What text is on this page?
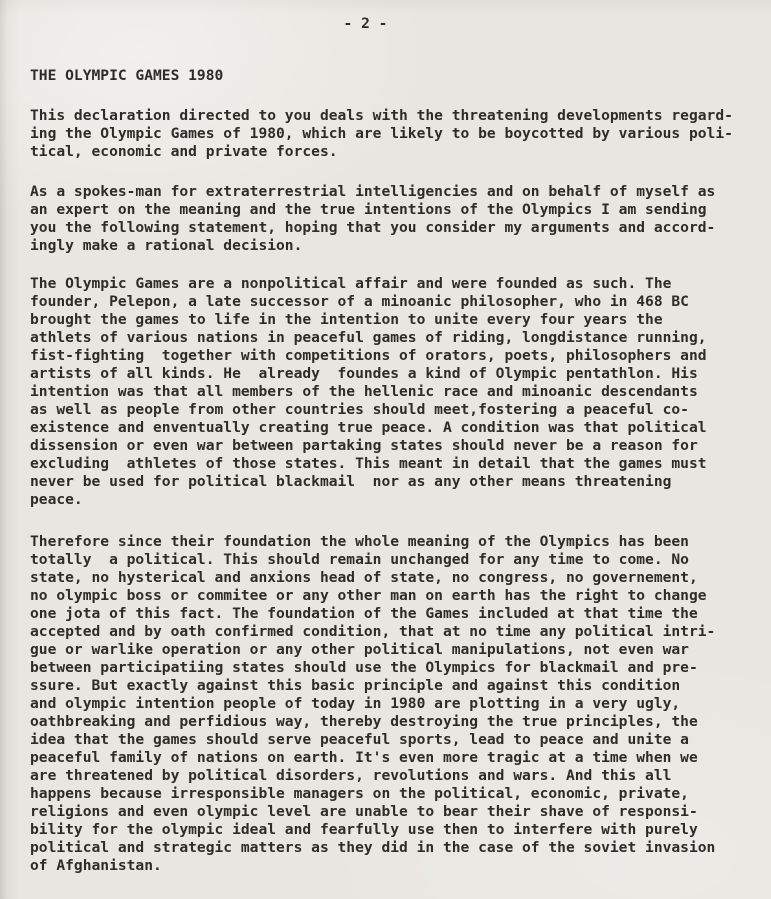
- 2 -
THE OLYMPIC GAMES 1980
This declaration directed to you deals with the threatening developments regard-
ing the Olympic Games of 1980, which are likely to be boycotted by various poli-
tical, economic and private forces.
As a spokes-man for extraterrestrial intelligencies and on behalf of myself as
an expert on the meaning and the true intentions of the Olympics I am sending
you the following statement, hoping that you consider my arguments and accord-
ingly make a rational decision.
The Olympic Games are a nonpolitical affair and were founded as such. The
founder, Pelepon, a late successor of a minoanic philosopher, who in 468 BC
brought the games to life in the intention to unite every four years the
athlets of various nations in peaceful games of riding, longdistance running,
fist-fighting  together with competitions of orators, poets, philosophers and
artists of all kinds. He  already  foundes a kind of Olympic pentathlon. His
intention was that all members of the hellenic race and minoanic descendants
as well as people from other countries should meet,fostering a peaceful co-
existence and enventually creating true peace. A condition was that political
dissension or even war between partaking states should never be a reason for
excluding  athletes of those states. This meant in detail that the games must
never be used for political blackmail  nor as any other means threatening
peace.
Therefore since their foundation the whole meaning of the Olympics has been
totally  a political. This should remain unchanged for any time to come. No
state, no hysterical and anxions head of state, no congress, no governement,
no olympic boss or commitee or any other man on earth has the right to change
one jota of this fact. The foundation of the Games included at that time the
accepted and by oath confirmed condition, that at no time any political intri-
gue or warlike operation or any other political manipulations, not even war
between participatiing states should use the Olympics for blackmail and pre-
ssure. But exactly against this basic principle and against this condition
and olympic intention people of today in 1980 are plotting in a very ugly,
oathbreaking and perfidious way, thereby destroying the true principles, the
idea that the games should serve peaceful sports, lead to peace and unite a
peaceful family of nations on earth. It's even more tragic at a time when we
are threatened by political disorders, revolutions and wars. And this all
happens because irresponsible managers on the political, economic, private,
religions and even olympic level are unable to bear their shave of responsi-
bility for the olympic ideal and fearfully use then to interfere with purely
political and strategic matters as they did in the case of the soviet invasion
of Afghanistan.
